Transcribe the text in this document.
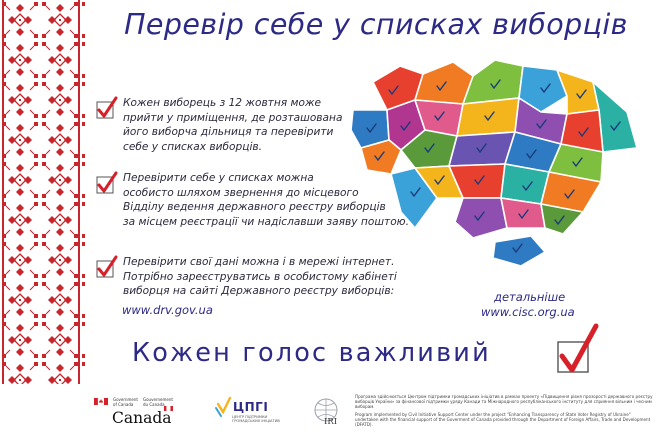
Перевір себе у списках виборців
Кожен виборець з 12 жовтня може
прийти у приміщення, де розташована
його виборча дільниця та перевірити
себе у списках виборців.
Перевірити себе у списках можна
особисто шляхом звернення до місцевого
Відділу ведення державного реєстру виборців
за місцем реєстрації чи надіславши заяву поштою.
Перевірити свої дані можна і в мережі інтернет.
Потрібно зареєструватись в особистому кабінеті
виборця на сайті Державного реєстру виборців:
www.drv.gov.ua
детальніше
www.cisc.org.ua
Кожен голос важливий
Government
of Canada
Gouvernement
du Canada
Canada
ЦПГІ
ЦЕНТР ПІДТРИМКИ
ГРОМАДСЬКИХ ІНІЦІАТИВ	IRI

Програма здійснюється Центром підтримки громадських ініціатив в рамках проекту «Підвищення рівня прозорості державного реєстру виборців України» за фінансової підтримки уряду Канади та Міжнародного республіканського інституту для сприяння вільним і чесним виборам.

Program implemented by Civil Initiative Support Center under the project "Enhancing Transparency of State Voter Registry of Ukraine" undertaken with the financial support of the Goverment of Canada provided through the Department of Foreign Affairs, Trade and Development (DFATD).
